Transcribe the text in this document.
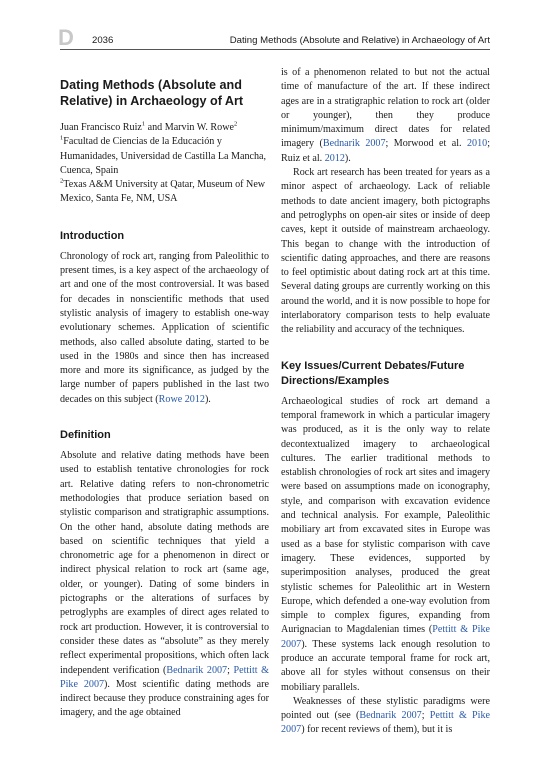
D 2036	Dating Methods (Absolute and Relative) in Archaeology of Art
Dating Methods (Absolute and Relative) in Archaeology of Art
Juan Francisco Ruiz$^1$ and Marvin W. Rowe$^2$
$^1$Facultad de Ciencias de la Educación y Humanidades, Universidad de Castilla La Mancha, Cuenca, Spain
$^2$Texas A&M University at Qatar, Museum of New Mexico, Santa Fe, NM, USA
Introduction

Chronology of rock art, ranging from Paleolithic to present times, is a key aspect of the archaeology of art and one of the most controversial. It was based for decades in nonscientific methods that used stylistic analysis of imagery to establish one-way evolutionary schemes. Application of scientific methods, also called absolute dating, started to be used in the 1980s and since then has increased more and more its significance, as judged by the large number of papers published in the last two decades on this subject (Rowe 2012).

Definition

Absolute and relative dating methods have been used to establish tentative chronologies for rock art. Relative dating refers to non-chronometric methodologies that produce seriation based on stylistic comparison and stratigraphic assumptions. On the other hand, absolute dating methods are based on scientific techniques that yield a chronometric age for a phenomenon in direct or indirect physical relation to rock art (same age, older, or younger). Dating of some binders in pictographs or the alterations of surfaces by petroglyphs are examples of direct ages related to rock art production. However, it is controversial to consider these dates as “absolute” as they merely reflect experimental propositions, which often lack independent verification (Bednarik 2007; Pettitt & Pike 2007). Most scientific dating methods are indirect because they produce constraining ages for imagery, and the age obtained

is of a phenomenon related to but not the actual time of manufacture of the art. If these indirect ages are in a stratigraphic relation to rock art (older or younger), then they produce minimum/maximum direct dates for related imagery (Bednarik 2007; Morwood et al. 2010; Ruiz et al. 2012).

Rock art research has been treated for years as a minor aspect of archaeology. Lack of reliable methods to date ancient imagery, both pictographs and petroglyphs on open-air sites or inside of deep caves, kept it outside of mainstream archaeology. This began to change with the introduction of scientific dating approaches, and there are reasons to feel optimistic about dating rock art at this time. Several dating groups are currently working on this around the world, and it is now possible to hope for interlaboratory comparison tests to help evaluate the reliability and accuracy of the techniques.

Key Issues/Current Debates/Future Directions/Examples

Archaeological studies of rock art demand a temporal framework in which a particular imagery was produced, as it is the only way to relate decontextualized imagery to archaeological cultures. The earlier traditional methods to establish chronologies of rock art sites and imagery were based on assumptions made on iconography, style, and comparison with excavation evidence and technical analysis. For example, Paleolithic mobiliary art from excavated sites in Europe was used as a base for stylistic comparison with cave imagery. These evidences, supported by superimposition analyses, produced the great stylistic schemes for Paleolithic art in Western Europe, which defended a one-way evolution from simple to complex figures, expanding from Aurignacian to Magdalenian times (Pettitt & Pike 2007). These systems lack enough resolution to produce an accurate temporal frame for rock art, above all for styles without consensus on their mobiliary parallels.

Weaknesses of these stylistic paradigms were pointed out (see (Bednarik 2007; Pettitt & Pike 2007) for recent reviews of them), but it is
